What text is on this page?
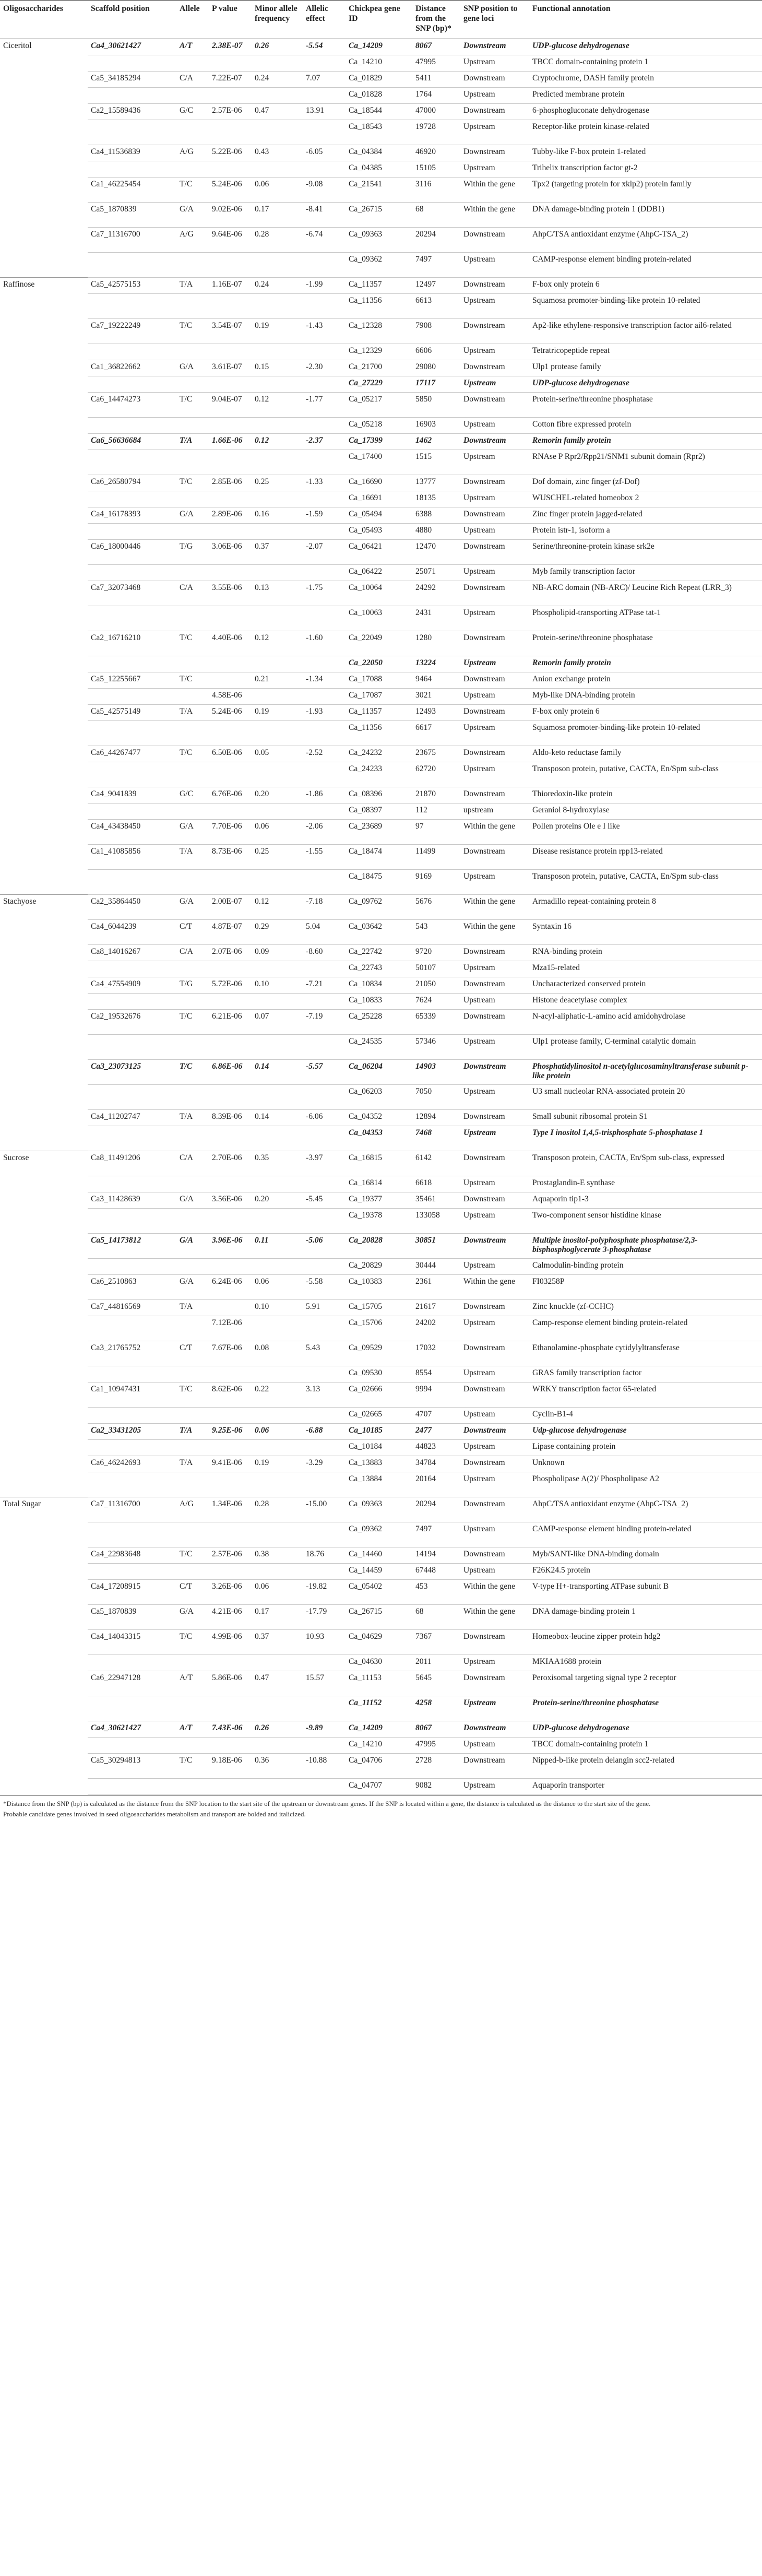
Oligosaccharides	Scaffold position	Allele	P value	Minor allele frequency	Allelic effect	Chickpea gene ID	Distance from the SNP (bp)*	SNP position to gene loci	Functional annotation
Ciceritol	Ca4_30621427	A/T	2.38E-07	0.26	-5.54	Ca_14209	8067	Downstream	UDP-glucose dehydrogenase
						Ca_14210	47995	Upstream	TBCC domain-containing protein 1
	Ca5_34185294	C/A	7.22E-07	0.24	7.07	Ca_01829	5411	Downstream	Cryptochrome, DASH family protein
						Ca_01828	1764	Upstream	Predicted membrane protein
	Ca2_15589436	G/C	2.57E-06	0.47	13.91	Ca_18544	47000	Downstream	6-phosphogluconate dehydrogenase
						Ca_18543	19728	Upstream	Receptor-like protein kinase-related
	Ca4_11536839	A/G	5.22E-06	0.43	-6.05	Ca_04384	46920	Downstream	Tubby-like F-box protein 1-related
						Ca_04385	15105	Upstream	Trihelix transcription factor gt-2
	Ca1_46225454	T/C	5.24E-06	0.06	-9.08	Ca_21541	3116	Within the gene	Tpx2 (targeting protein for xklp2) protein family
	Ca5_1870839	G/A	9.02E-06	0.17	-8.41	Ca_26715	68	Within the gene	DNA damage-binding protein 1 (DDB1)
	Ca7_11316700	A/G	9.64E-06	0.28	-6.74	Ca_09363	20294	Downstream	AhpC/TSA antioxidant enzyme (AhpC-TSA_2)
						Ca_09362	7497	Upstream	CAMP-response element binding protein-related
Raffinose	Ca5_42575153	T/A	1.16E-07	0.24	-1.99	Ca_11357	12497	Downstream	F-box only protein 6
						Ca_11356	6613	Upstream	Squamosa promoter-binding-like protein 10-related
	Ca7_19222249	T/C	3.54E-07	0.19	-1.43	Ca_12328	7908	Downstream	Ap2-like ethylene-responsive transcription factor ail6-related
						Ca_12329	6606	Upstream	Tetratricopeptide repeat
	Ca1_36822662	G/A	3.61E-07	0.15	-2.30	Ca_21700	29080	Downstream	Ulp1 protease family
						Ca_27229	17117	Upstream	UDP-glucose dehydrogenase
	Ca6_14474273	T/C	9.04E-07	0.12	-1.77	Ca_05217	5850	Downstream	Protein-serine/threonine phosphatase
						Ca_05218	16903	Upstream	Cotton fibre expressed protein
	Ca6_56636684	T/A	1.66E-06	0.12	-2.37	Ca_17399	1462	Downstream	Remorin family protein
						Ca_17400	1515	Upstream	RNAse P Rpr2/Rpp21/SNM1 subunit domain (Rpr2)
	Ca6_26580794	T/C	2.85E-06	0.25	-1.33	Ca_16690	13777	Downstream	Dof domain, zinc finger (zf-Dof)
						Ca_16691	18135	Upstream	WUSCHEL-related homeobox 2
	Ca4_16178393	G/A	2.89E-06	0.16	-1.59	Ca_05494	6388	Downstream	Zinc finger protein jagged-related
						Ca_05493	4880	Upstream	Protein istr-1, isoform a
	Ca6_18000446	T/G	3.06E-06	0.37	-2.07	Ca_06421	12470	Downstream	Serine/threonine-protein kinase srk2e
						Ca_06422	25071	Upstream	Myb family transcription factor
	Ca7_32073468	C/A	3.55E-06	0.13	-1.75	Ca_10064	24292	Downstream	NB-ARC domain (NB-ARC)/ Leucine Rich Repeat (LRR_3)
						Ca_10063	2431	Upstream	Phospholipid-transporting ATPase tat-1
	Ca2_16716210	T/C	4.40E-06	0.12	-1.60	Ca_22049	1280	Downstream	Protein-serine/threonine phosphatase
						Ca_22050	13224	Upstream	Remorin family protein
	Ca5_12255667	T/C		0.21	-1.34	Ca_17088	9464	Downstream	Anion exchange protein
			4.58E-06			Ca_17087	3021	Upstream	Myb-like DNA-binding protein
	Ca5_42575149	T/A	5.24E-06	0.19	-1.93	Ca_11357	12493	Downstream	F-box only protein 6
						Ca_11356	6617	Upstream	Squamosa promoter-binding-like protein 10-related
	Ca6_44267477	T/C	6.50E-06	0.05	-2.52	Ca_24232	23675	Downstream	Aldo-keto reductase family
						Ca_24233	62720	Upstream	Transposon protein, putative, CACTA, En/Spm sub-class
	Ca4_9041839	G/C	6.76E-06	0.20	-1.86	Ca_08396	21870	Downstream	Thioredoxin-like protein
						Ca_08397	112	upstream	Geraniol 8-hydroxylase
	Ca4_43438450	G/A	7.70E-06	0.06	-2.06	Ca_23689	97	Within the gene	Pollen proteins Ole e I like
	Ca1_41085856	T/A	8.73E-06	0.25	-1.55	Ca_18474	11499	Downstream	Disease resistance protein rpp13-related
						Ca_18475	9169	Upstream	Transposon protein, putative, CACTA, En/Spm sub-class
Stachyose	Ca2_35864450	G/A	2.00E-07	0.12	-7.18	Ca_09762	5676	Within the gene	Armadillo repeat-containing protein 8
	Ca4_6044239	C/T	4.87E-07	0.29	5.04	Ca_03642	543	Within the gene	Syntaxin 16
	Ca8_14016267	C/A	2.07E-06	0.09	-8.60	Ca_22742	9720	Downstream	RNA-binding protein
						Ca_22743	50107	Upstream	Mza15-related
	Ca4_47554909	T/G	5.72E-06	0.10	-7.21	Ca_10834	21050	Downstream	Uncharacterized conserved protein
						Ca_10833	7624	Upstream	Histone deacetylase complex
	Ca2_19532676	T/C	6.21E-06	0.07	-7.19	Ca_25228	65339	Downstream	N-acyl-aliphatic-L-amino acid amidohydrolase
						Ca_24535	57346	Upstream	Ulp1 protease family, C-terminal catalytic domain
	Ca3_23073125	T/C	6.86E-06	0.14	-5.57	Ca_06204	14903	Downstream	Phosphatidylinositol n-acetylglucosaminyltransferase subunit p-like protein
						Ca_06203	7050	Upstream	U3 small nucleolar RNA-associated protein 20
	Ca4_11202747	T/A	8.39E-06	0.14	-6.06	Ca_04352	12894	Downstream	Small subunit ribosomal protein S1
						Ca_04353	7468	Upstream	Type I inositol 1,4,5-trisphosphate 5-phosphatase 1
Sucrose	Ca8_11491206	C/A	2.70E-06	0.35	-3.97	Ca_16815	6142	Downstream	Transposon protein, CACTA, En/Spm sub-class, expressed
						Ca_16814	6618	Upstream	Prostaglandin-E synthase
	Ca3_11428639	G/A	3.56E-06	0.20	-5.45	Ca_19377	35461	Downstream	Aquaporin tip1-3
						Ca_19378	133058	Upstream	Two-component sensor histidine kinase
	Ca5_14173812	G/A	3.96E-06	0.11	-5.06	Ca_20828	30851	Downstream	Multiple inositol-polyphosphate phosphatase/2,3-bisphosphoglycerate 3-phosphatase
						Ca_20829	30444	Upstream	Calmodulin-binding protein
	Ca6_2510863	G/A	6.24E-06	0.06	-5.58	Ca_10383	2361	Within the gene	FI03258P
	Ca7_44816569	T/A		0.10	5.91	Ca_15705	21617	Downstream	Zinc knuckle (zf-CCHC)
			7.12E-06			Ca_15706	24202	Upstream	Camp-response element binding protein-related
	Ca3_21765752	C/T	7.67E-06	0.08	5.43	Ca_09529	17032	Downstream	Ethanolamine-phosphate cytidylyltransferase
						Ca_09530	8554	Upstream	GRAS family transcription factor
	Ca1_10947431	T/C	8.62E-06	0.22	3.13	Ca_02666	9994	Downstream	WRKY transcription factor 65-related
						Ca_02665	4707	Upstream	Cyclin-B1-4
	Ca2_33431205	T/A	9.25E-06	0.06	-6.88	Ca_10185	2477	Downstream	Udp-glucose dehydrogenase
						Ca_10184	44823	Upstream	Lipase containing protein
	Ca6_46242693	T/A	9.41E-06	0.19	-3.29	Ca_13883	34784	Downstream	Unknown
						Ca_13884	20164	Upstream	Phospholipase A(2)/ Phospholipase A2
Total Sugar	Ca7_11316700	A/G	1.34E-06	0.28	-15.00	Ca_09363	20294	Downstream	AhpC/TSA antioxidant enzyme (AhpC-TSA_2)
						Ca_09362	7497	Upstream	CAMP-response element binding protein-related
	Ca4_22983648	T/C	2.57E-06	0.38	18.76	Ca_14460	14194	Downstream	Myb/SANT-like DNA-binding domain
						Ca_14459	67448	Upstream	F26K24.5 protein
	Ca4_17208915	C/T	3.26E-06	0.06	-19.82	Ca_05402	453	Within the gene	V-type H+-transporting ATPase subunit B
	Ca5_1870839	G/A	4.21E-06	0.17	-17.79	Ca_26715	68	Within the gene	DNA damage-binding protein 1
	Ca4_14043315	T/C	4.99E-06	0.37	10.93	Ca_04629	7367	Downstream	Homeobox-leucine zipper protein hdg2
						Ca_04630	2011	Upstream	MKIAA1688 protein
	Ca6_22947128	A/T	5.86E-06	0.47	15.57	Ca_11153	5645	Downstream	Peroxisomal targeting signal type 2 receptor
						Ca_11152	4258	Upstream	Protein-serine/threonine phosphatase
	Ca4_30621427	A/T	7.43E-06	0.26	-9.89	Ca_14209	8067	Downstream	UDP-glucose dehydrogenase
						Ca_14210	47995	Upstream	TBCC domain-containing protein 1
	Ca5_30294813	T/C	9.18E-06	0.36	-10.88	Ca_04706	2728	Downstream	Nipped-b-like protein delangin scc2-related
						Ca_04707	9082	Upstream	Aquaporin transporter

*Distance from the SNP (bp) is calculated as the distance from the SNP location to the start site of the upstream or downstream genes. If the SNP is located within a gene, the distance is calculated as the distance to the start site of the gene.

Probable candidate genes involved in seed oligosaccharides metabolism and transport are bolded and italicized.
